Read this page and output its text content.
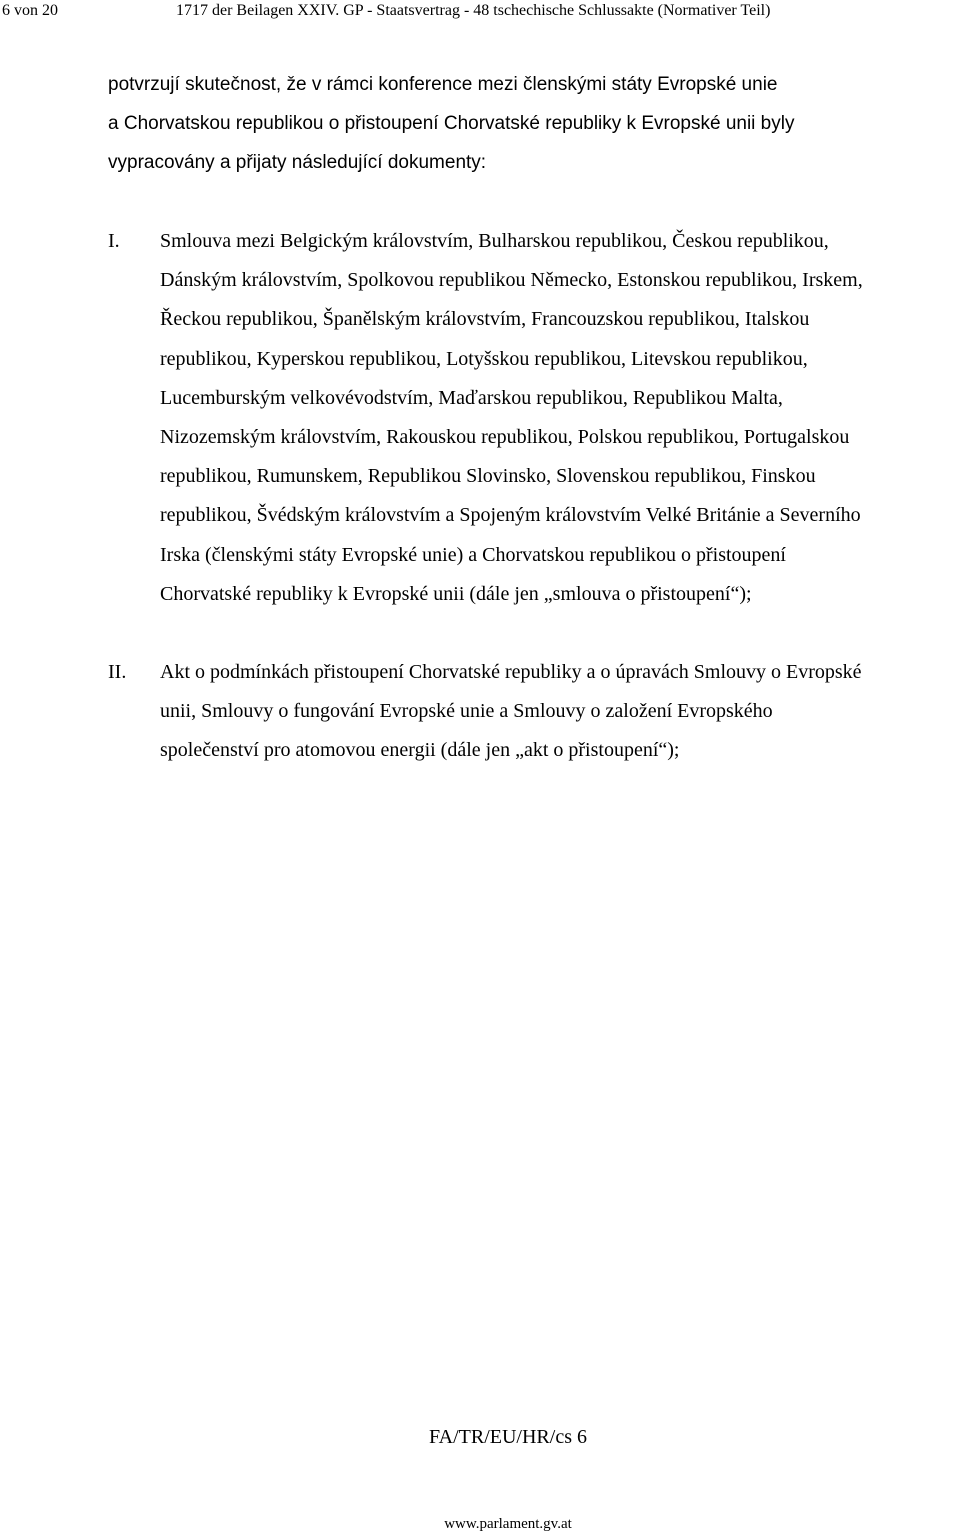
6 von 20	1717 der Beilagen XXIV. GP - Staatsvertrag - 48 tschechische Schlussakte (Normativer Teil)
potvrzují skutečnost, že v rámci konference mezi členskými státy Evropské unie
a Chorvatskou republikou o přistoupení Chorvatské republiky k Evropské unii byly
vypracovány a přijaty následující dokumenty:
I. Smlouva mezi Belgickým královstvím, Bulharskou republikou, Českou republikou,
Dánským královstvím, Spolkovou republikou Německo, Estonskou republikou, Irskem,
Řeckou republikou, Španělským královstvím, Francouzskou republikou, Italskou
republikou, Kyperskou republikou, Lotyšskou republikou, Litevskou republikou,
Lucemburským velkovévodstvím, Maďarskou republikou, Republikou Malta,
Nizozemským královstvím, Rakouskou republikou, Polskou republikou, Portugalskou
republikou, Rumunskem, Republikou Slovinsko, Slovenskou republikou, Finskou
republikou, Švédským královstvím a Spojeným královstvím Velké Británie a Severního
Irska (členskými státy Evropské unie) a Chorvatskou republikou o přistoupení
Chorvatské republiky k Evropské unii (dále jen „smlouva o přistoupení“);
II. Akt o podmínkách přistoupení Chorvatské republiky a o úpravách Smlouvy o Evropské
unii, Smlouvy o fungování Evropské unie a Smlouvy o založení Evropského
společenství pro atomovou energii (dále jen „akt o přistoupení“);
FA/TR/EU/HR/cs 6
www.parlament.gv.at
